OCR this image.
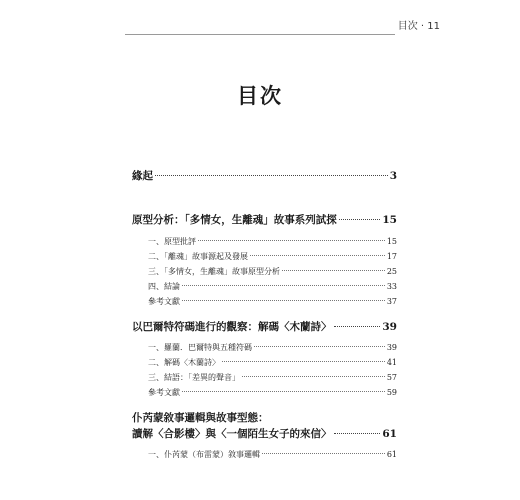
目次 · 11
目次
緣起	3
原型分析：「多情女，生離魂」故事系列試探	15
一、原型批評	15
二、「離魂」故事源起及發展	17
三、「多情女，生離魂」故事原型分析	25
四、結論	33
參考文獻	37
以巴爾特符碼進行的觀察：解碼〈木蘭詩〉	39
一、羅蘭．巴爾特與五種符碼	39
二、解碼〈木蘭詩〉	41
三、結語：「差異的聲音」	57
參考文獻	59
仆芮蒙敘事邏輯與故事型態：
讀解〈合影樓〉與〈一個陌生女子的來信〉	61
一、仆芮蒙（布雷蒙）敘事邏輯	61
